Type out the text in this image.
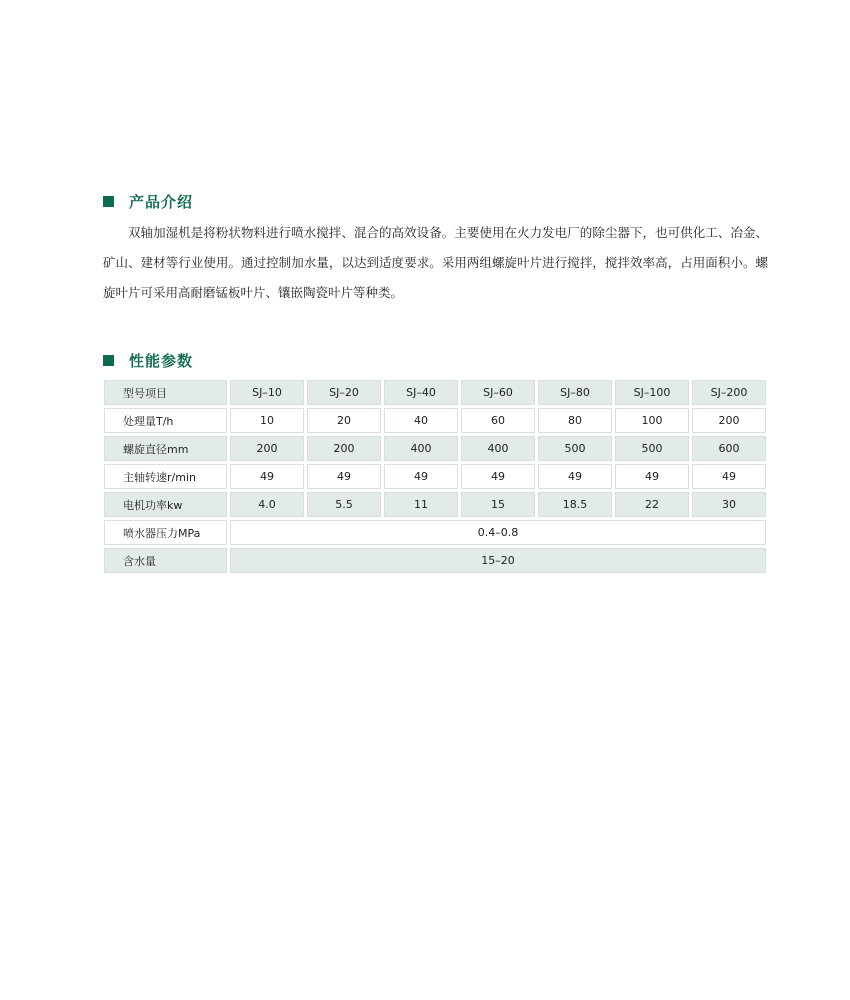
产品介绍

双轴加湿机是将粉状物料进行喷水搅拌、混合的高效设备。主要使用在火力发电厂的除尘器下，也可供化工、冶金、矿山、建材等行业使用。通过控制加水量，以达到适度要求。采用两组螺旋叶片进行搅拌，搅拌效率高，占用面积小。螺旋叶片可采用高耐磨锰板叶片、镶嵌陶瓷叶片等种类。

性能参数
型号项目	SJ–10	SJ–20	SJ–40	SJ–60	SJ–80	SJ–100	SJ–200
处理量T/h	10	20	40	60	80	100	200
螺旋直径mm	200	200	400	400	500	500	600
主轴转速r/min	49	49	49	49	49	49	49
电机功率kw	4.0	5.5	11	15	18.5	22	30
喷水器压力MPa	0.4–0.8						
含水量	15–20						
